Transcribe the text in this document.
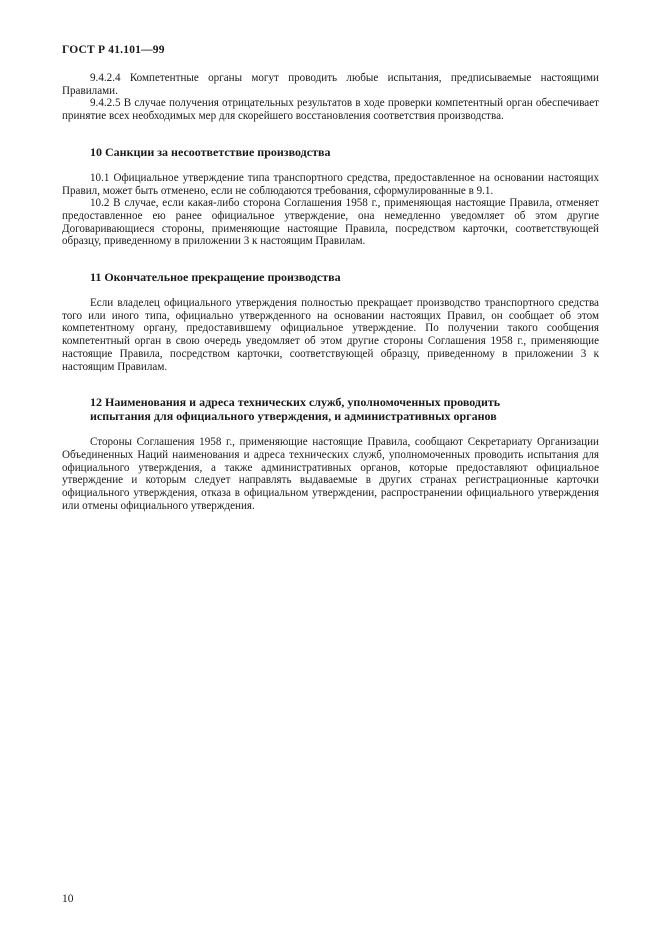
ГОСТ Р 41.101—99

9.4.2.4 Компетентные органы могут проводить любые испытания, предписываемые настоящими Правилами.

9.4.2.5 В случае получения отрицательных результатов в ходе проверки компетентный орган обеспечивает принятие всех необходимых мер для скорейшего восстановления соответствия производства.

10 Санкции за несоответствие производства

10.1 Официальное утверждение типа транспортного средства, предоставленное на основании настоящих Правил, может быть отменено, если не соблюдаются требования, сформулированные в 9.1.

10.2 В случае, если какая-либо сторона Соглашения 1958 г., применяющая настоящие Правила, отменяет предоставленное ею ранее официальное утверждение, она немедленно уведомляет об этом другие Договаривающиеся стороны, применяющие настоящие Правила, посредством карточки, соответствующей образцу, приведенному в приложении 3 к настоящим Правилам.

11 Окончательное прекращение производства

Если владелец официального утверждения полностью прекращает производство транспортного средства того или иного типа, официально утвержденного на основании настоящих Правил, он сообщает об этом компетентному органу, предоставившему официальное утверждение. По получении такого сообщения компетентный орган в свою очередь уведомляет об этом другие стороны Соглашения 1958 г., применяющие настоящие Правила, посредством карточки, соответствующей образцу, приведенному в приложении 3 к настоящим Правилам.

12 Наименования и адреса технических служб, уполномоченных проводить
испытания для официального утверждения, и административных органов

Стороны Соглашения 1958 г., применяющие настоящие Правила, сообщают Секретариату Организации Объединенных Наций наименования и адреса технических служб, уполномоченных проводить испытания для официального утверждения, а также административных органов, которые предоставляют официальное утверждение и которым следует направлять выдаваемые в других странах регистрационные карточки официального утверждения, отказа в официальном утверждении, распространении официального утверждения или отмены официального утверждения.

10
